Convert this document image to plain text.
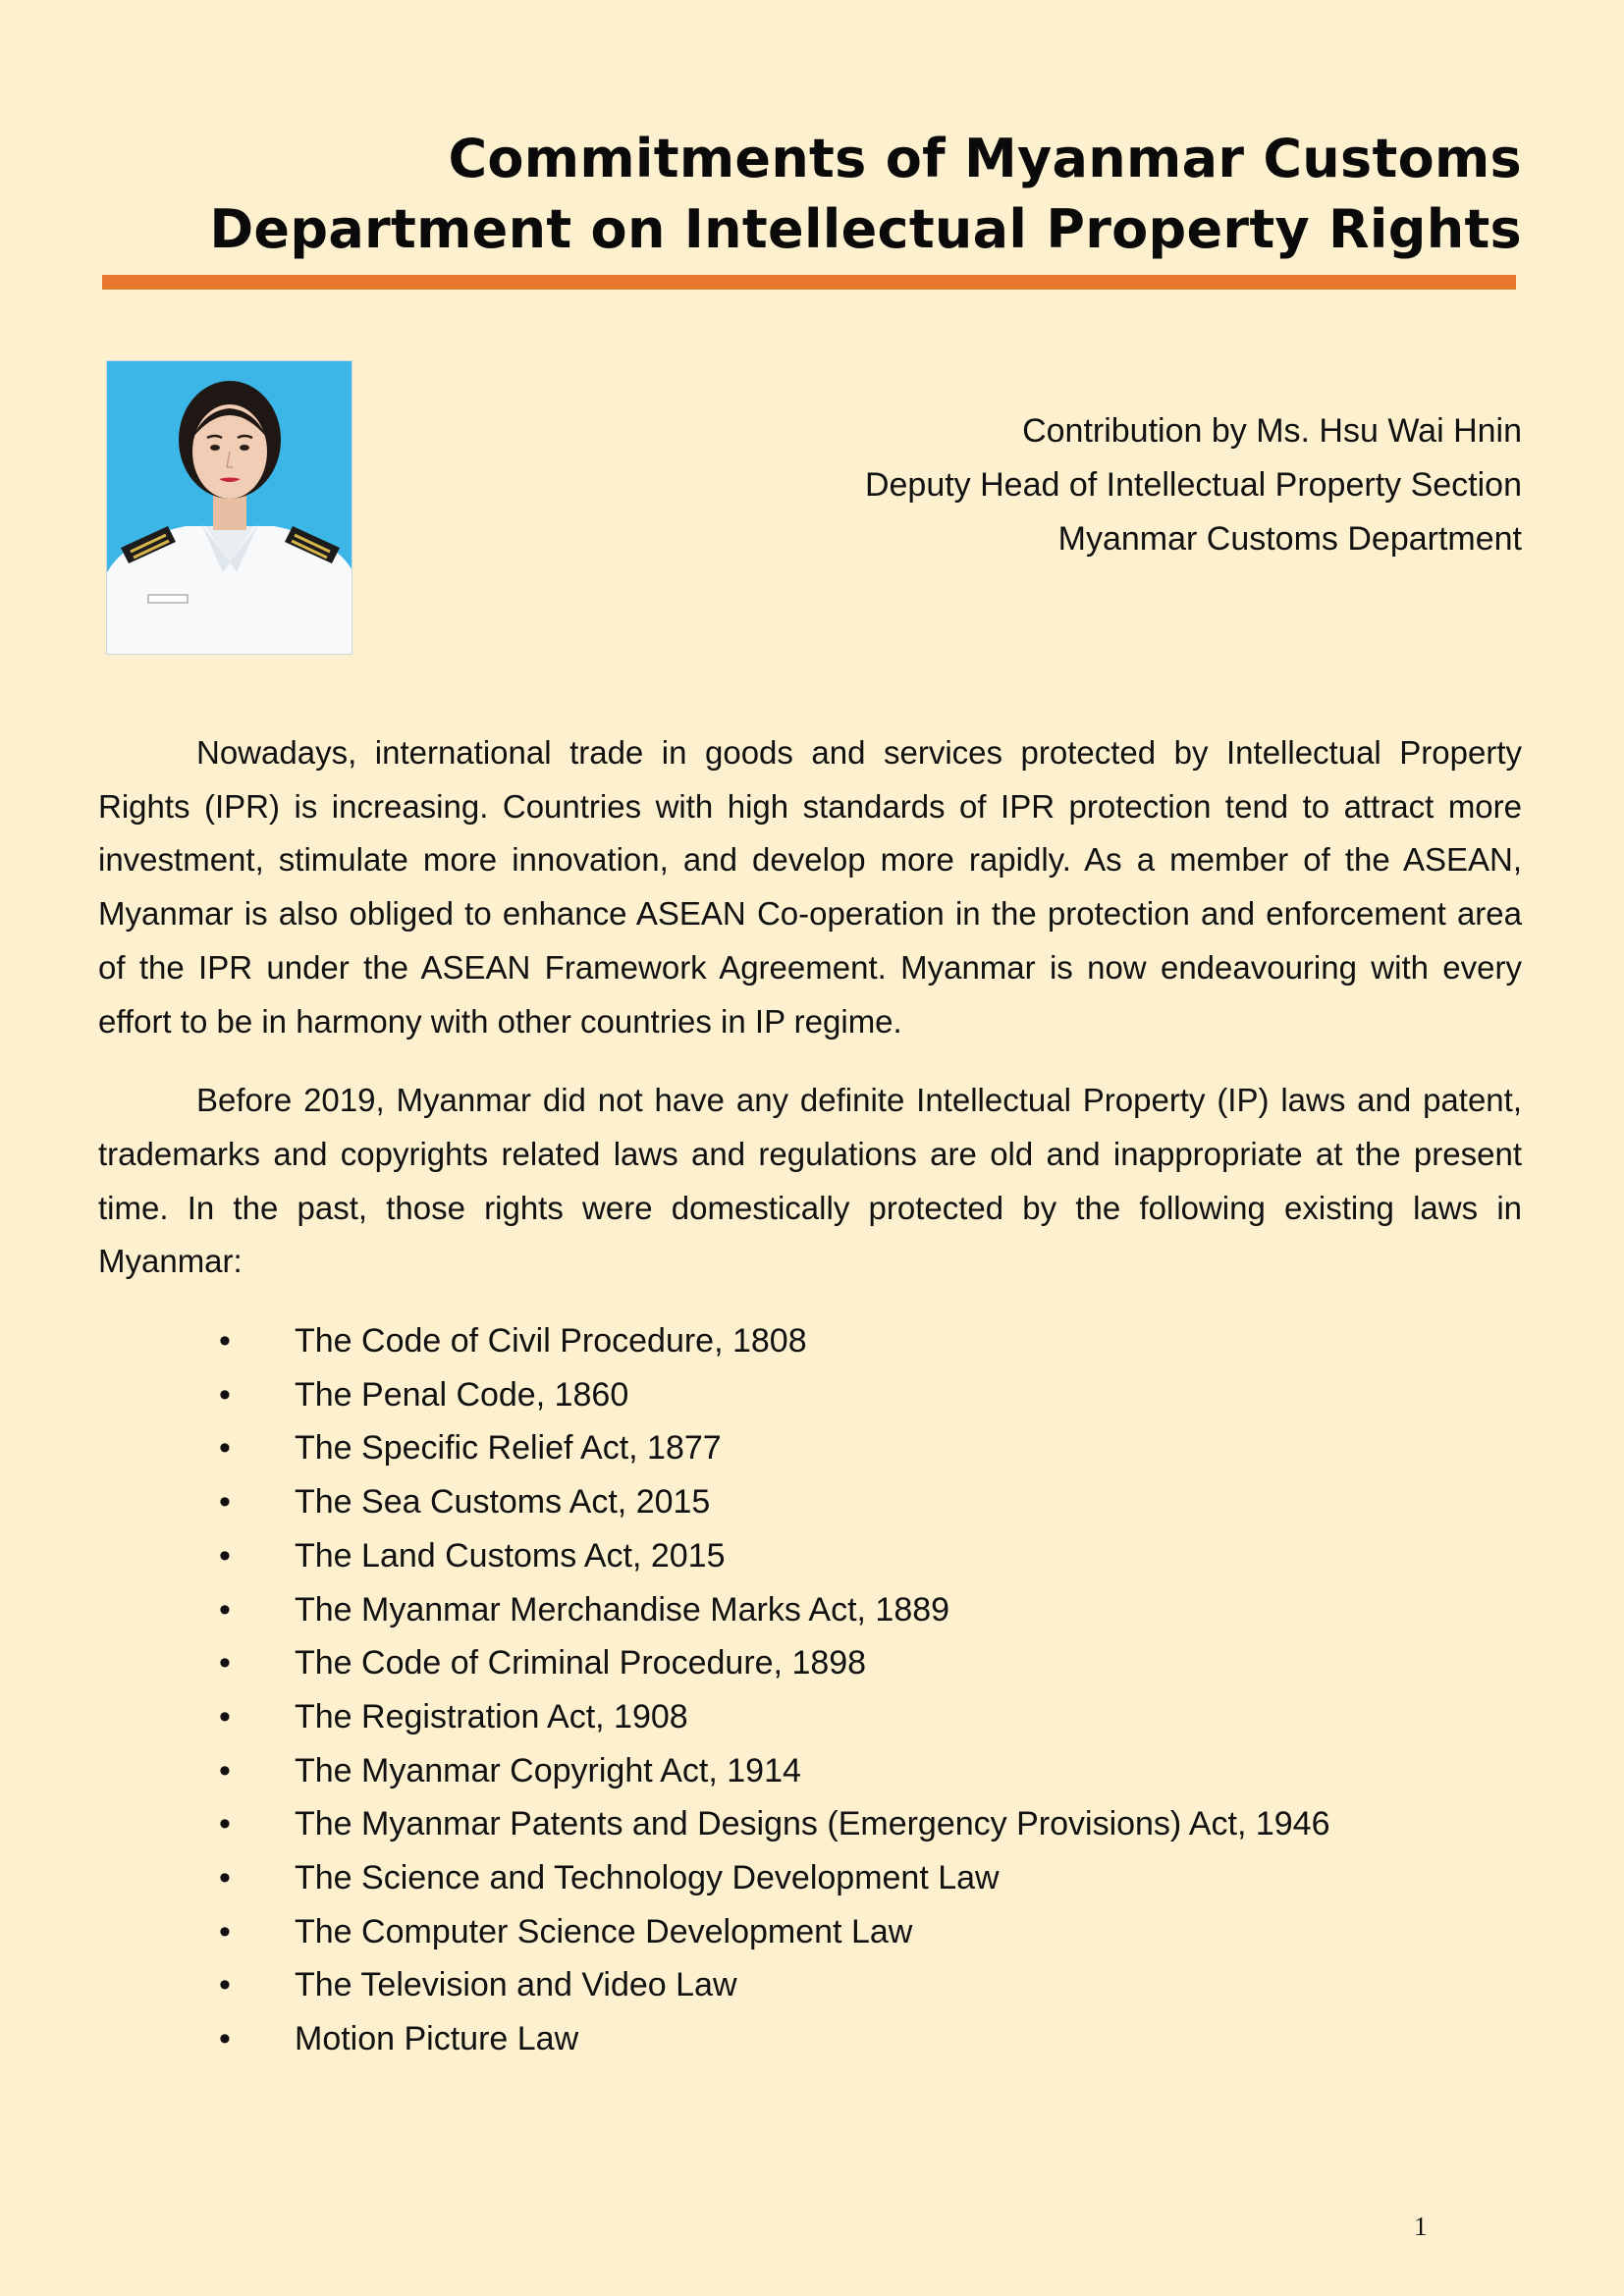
Commitments of Myanmar Customs
Department on Intellectual Property Rights
Contribution by Ms. Hsu Wai Hnin
Deputy Head of Intellectual Property Section
Myanmar Customs Department

Nowadays, international trade in goods and services protected by Intellectual Property Rights (IPR) is increasing. Countries with high standards of IPR protection tend to attract more investment, stimulate more innovation, and develop more rapidly. As a member of the ASEAN, Myanmar is also obliged to enhance ASEAN Co-operation in the protection and enforcement area of the IPR under the ASEAN Framework Agreement. Myanmar is now endeavouring with every effort to be in harmony with other countries in IP regime.

Before 2019, Myanmar did not have any definite Intellectual Property (IP) laws and patent, trademarks and copyrights related laws and regulations are old and inappropriate at the present time. In the past, those rights were domestically protected by the following existing laws in Myanmar:

• The Code of Civil Procedure, 1808
• The Penal Code, 1860
• The Specific Relief Act, 1877
• The Sea Customs Act, 2015
• The Land Customs Act, 2015
• The Myanmar Merchandise Marks Act, 1889
• The Code of Criminal Procedure, 1898
• The Registration Act, 1908
• The Myanmar Copyright Act, 1914
• The Myanmar Patents and Designs (Emergency Provisions) Act, 1946
• The Science and Technology Development Law
• The Computer Science Development Law
• The Television and Video Law
• Motion Picture Law
1
